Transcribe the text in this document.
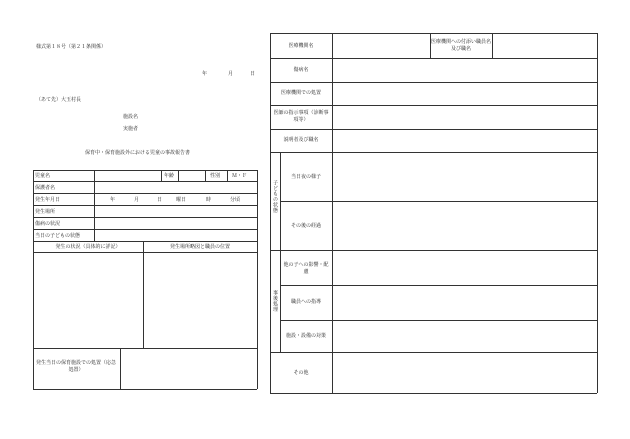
様式第１８号（第２１条関係）
年	月	日
（あて先）大玉村長
施設名
実施者
保育中・保育施設外における児童の事故報告書
児童名	年齢	性別 Ｍ・Ｆ
保護者名
発生年月日	年	月	日	曜日	時	分頃
発生場所
傷病の状況
当日の子どもの状態
発生の状況（具体的に詳記）	発生場所略図と職員の位置
発生当日の保育施設での処置（応急処置）
医療機関名
医療機関への付添い職員名及び職名
傷病名
医療機関での処置
医師の指示事項（診断事項等）
説明者及び職名
子どもの状態
当日夜の様子
その後の経過
事後処理
他の子への影響・配慮
職員への指導
施設・設備の対策
その他
